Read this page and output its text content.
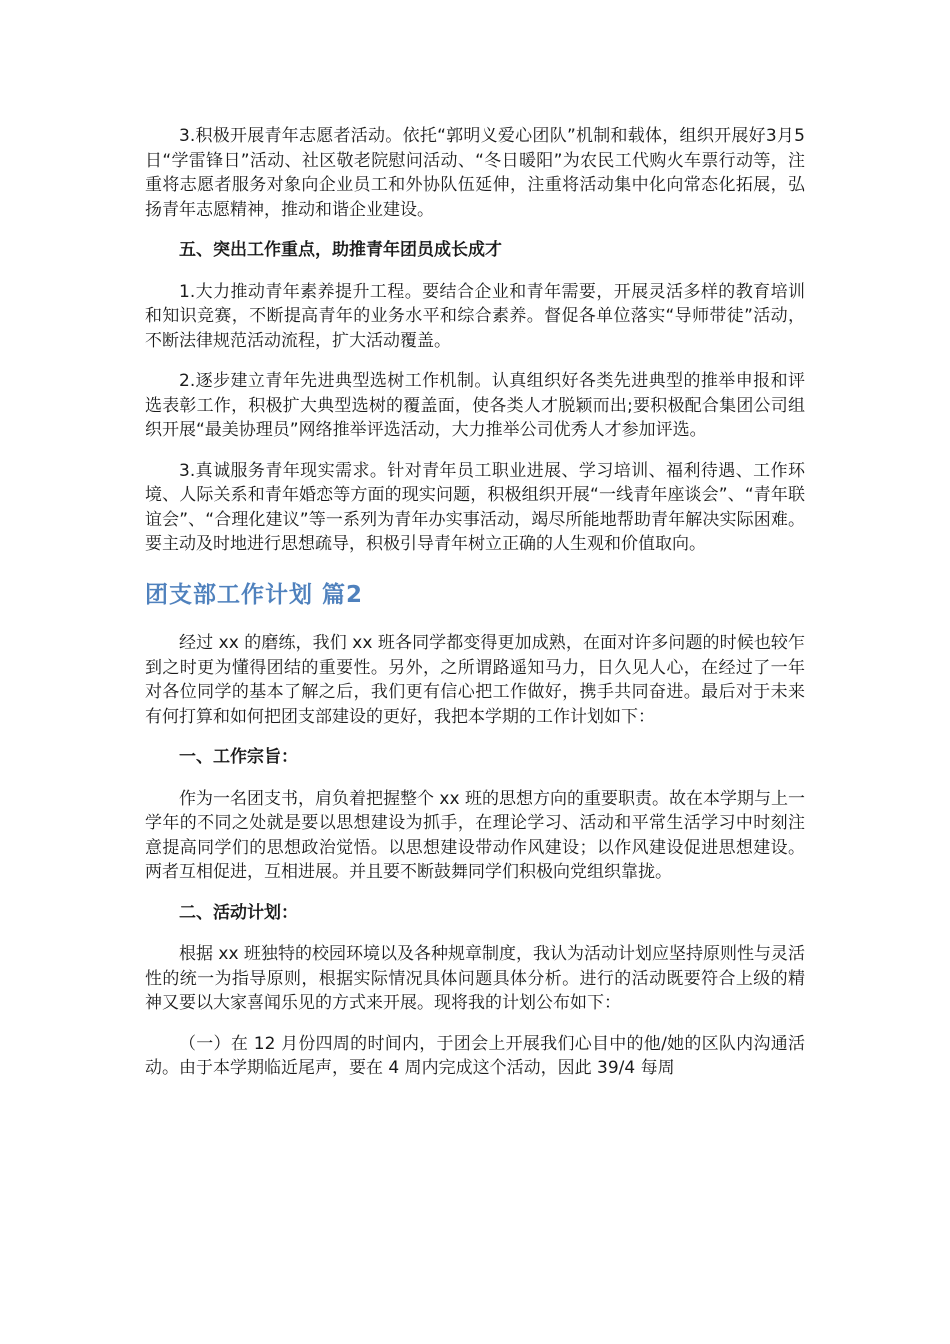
3.积极开展青年志愿者活动。依托“郭明义爱心团队”机制和载体，组织开展好3月5日“学雷锋日”活动、社区敬老院慰问活动、“冬日暖阳”为农民工代购火车票行动等，注重将志愿者服务对象向企业员工和外协队伍延伸，注重将活动集中化向常态化拓展，弘扬青年志愿精神，推动和谐企业建设。

五、突出工作重点，助推青年团员成长成才

1.大力推动青年素养提升工程。要结合企业和青年需要，开展灵活多样的教育培训和知识竞赛，不断提高青年的业务水平和综合素养。督促各单位落实“导师带徒”活动，不断法律规范活动流程，扩大活动覆盖。

2.逐步建立青年先进典型选树工作机制。认真组织好各类先进典型的推举申报和评选表彰工作，积极扩大典型选树的覆盖面，使各类人才脱颖而出;要积极配合集团公司组织开展“最美协理员”网络推举评选活动，大力推举公司优秀人才参加评选。

3.真诚服务青年现实需求。针对青年员工职业进展、学习培训、福利待遇、工作环境、人际关系和青年婚恋等方面的现实问题，积极组织开展“一线青年座谈会”、“青年联谊会”、“合理化建议”等一系列为青年办实事活动，竭尽所能地帮助青年解决实际困难。要主动及时地进行思想疏导，积极引导青年树立正确的人生观和价值取向。

团支部工作计划 篇2

经过 xx 的磨练，我们 xx 班各同学都变得更加成熟，在面对许多问题的时候也较乍到之时更为懂得团结的重要性。另外，之所谓路遥知马力，日久见人心，在经过了一年对各位同学的基本了解之后，我们更有信心把工作做好，携手共同奋进。最后对于未来有何打算和如何把团支部建设的更好，我把本学期的工作计划如下：

一、工作宗旨：

作为一名团支书，肩负着把握整个 xx 班的思想方向的重要职责。故在本学期与上一学年的不同之处就是要以思想建设为抓手，在理论学习、活动和平常生活学习中时刻注意提高同学们的思想政治觉悟。以思想建设带动作风建设；以作风建设促进思想建设。两者互相促进，互相进展。并且要不断鼓舞同学们积极向党组织靠拢。

二、活动计划：

根据 xx 班独特的校园环境以及各种规章制度，我认为活动计划应坚持原则性与灵活性的统一为指导原则，根据实际情况具体问题具体分析。进行的活动既要符合上级的精神又要以大家喜闻乐见的方式来开展。现将我的计划公布如下：

（一）在 12 月份四周的时间内，于团会上开展我们心目中的他/她的区队内沟通活动。由于本学期临近尾声，要在 4 周内完成这个活动，因此 39/4 每周
